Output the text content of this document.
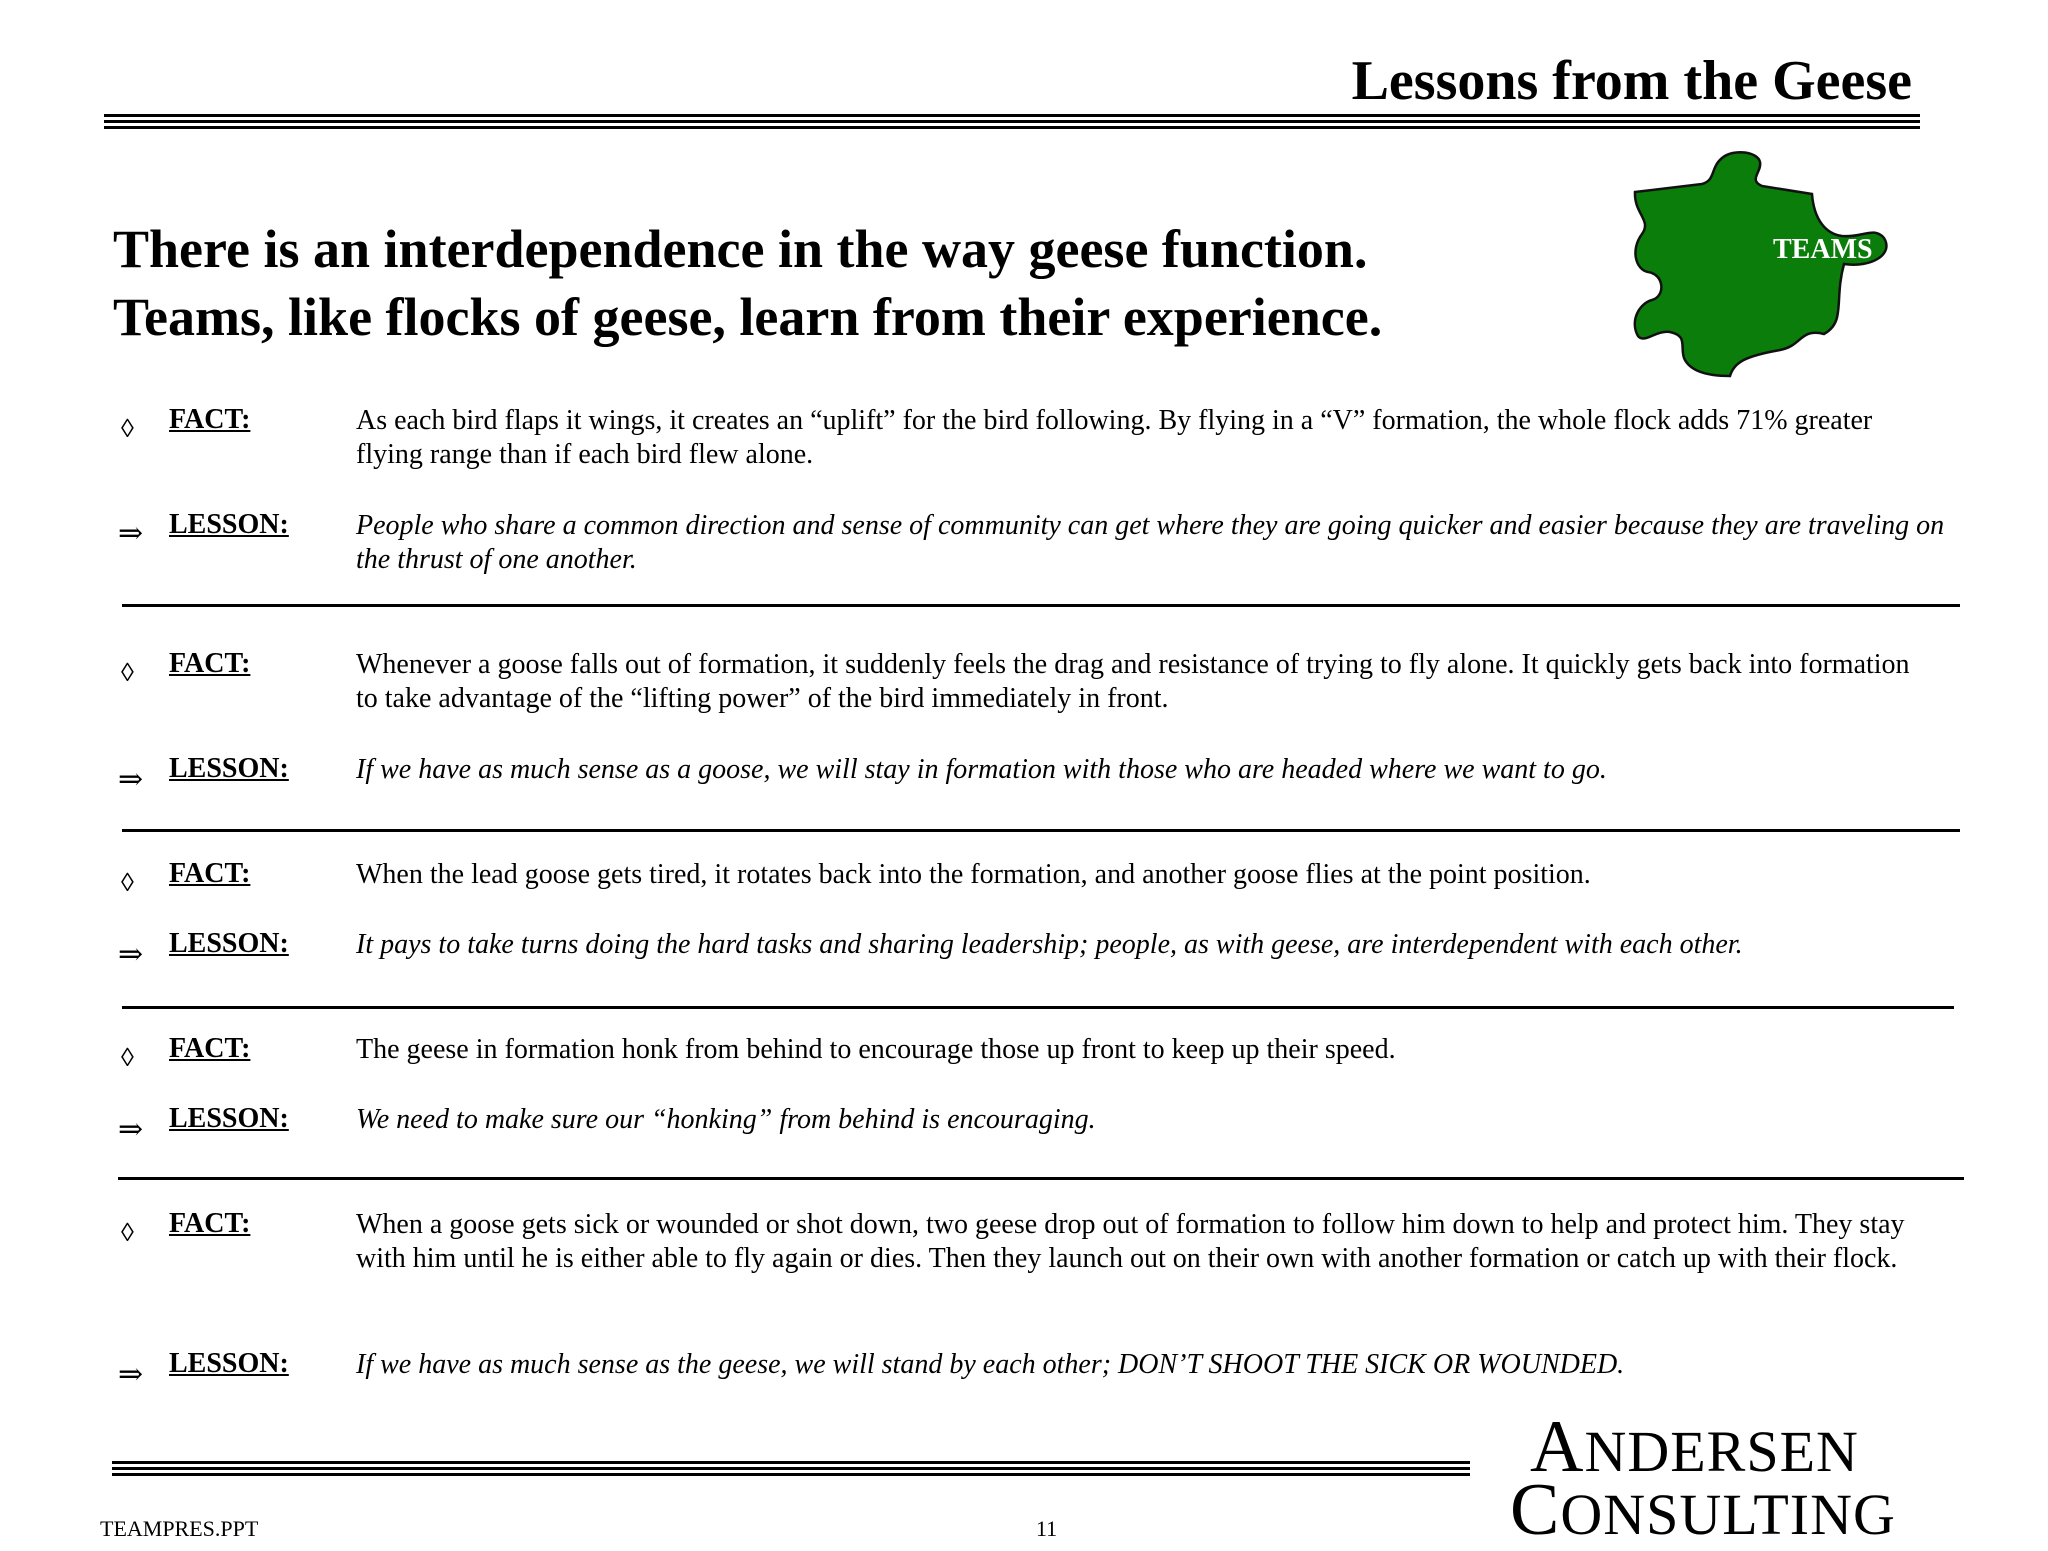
Lessons from the Geese
There is an interdependence in the way geese function.
Teams, like flocks of geese, learn from their experience.
TEAMS
◊ FACT:	As each bird flaps it wings, it creates an “uplift” for the bird following. By flying in a “V” formation, the whole flock adds 71% greater flying range than if each bird flew alone.
⇒ LESSON: People who share a common direction and sense of community can get where they are going quicker and easier because they are traveling on the thrust of one another.
◊ FACT:	Whenever a goose falls out of formation, it suddenly feels the drag and resistance of trying to fly alone. It quickly gets back into formation to take advantage of the “lifting power” of the bird immediately in front.
⇒ LESSON: If we have as much sense as a goose, we will stay in formation with those who are headed where we want to go.
◊ FACT:	When the lead goose gets tired, it rotates back into the formation, and another goose flies at the point position.
⇒ LESSON: It pays to take turns doing the hard tasks and sharing leadership; people, as with geese, are interdependent with each other.
◊ FACT:	The geese in formation honk from behind to encourage those up front to keep up their speed.
⇒ LESSON: We need to make sure our “honking” from behind is encouraging.
◊ FACT:	When a goose gets sick or wounded or shot down, two geese drop out of formation to follow him down to help and protect him. They stay with him until he is either able to fly again or dies. Then they launch out on their own with another formation or catch up with their flock.
⇒ LESSON: If we have as much sense as the geese, we will stand by each other; DON’T SHOOT THE SICK OR WOUNDED.
TEAMPRES.PPT	11
ANDERSEN
CONSULTING
